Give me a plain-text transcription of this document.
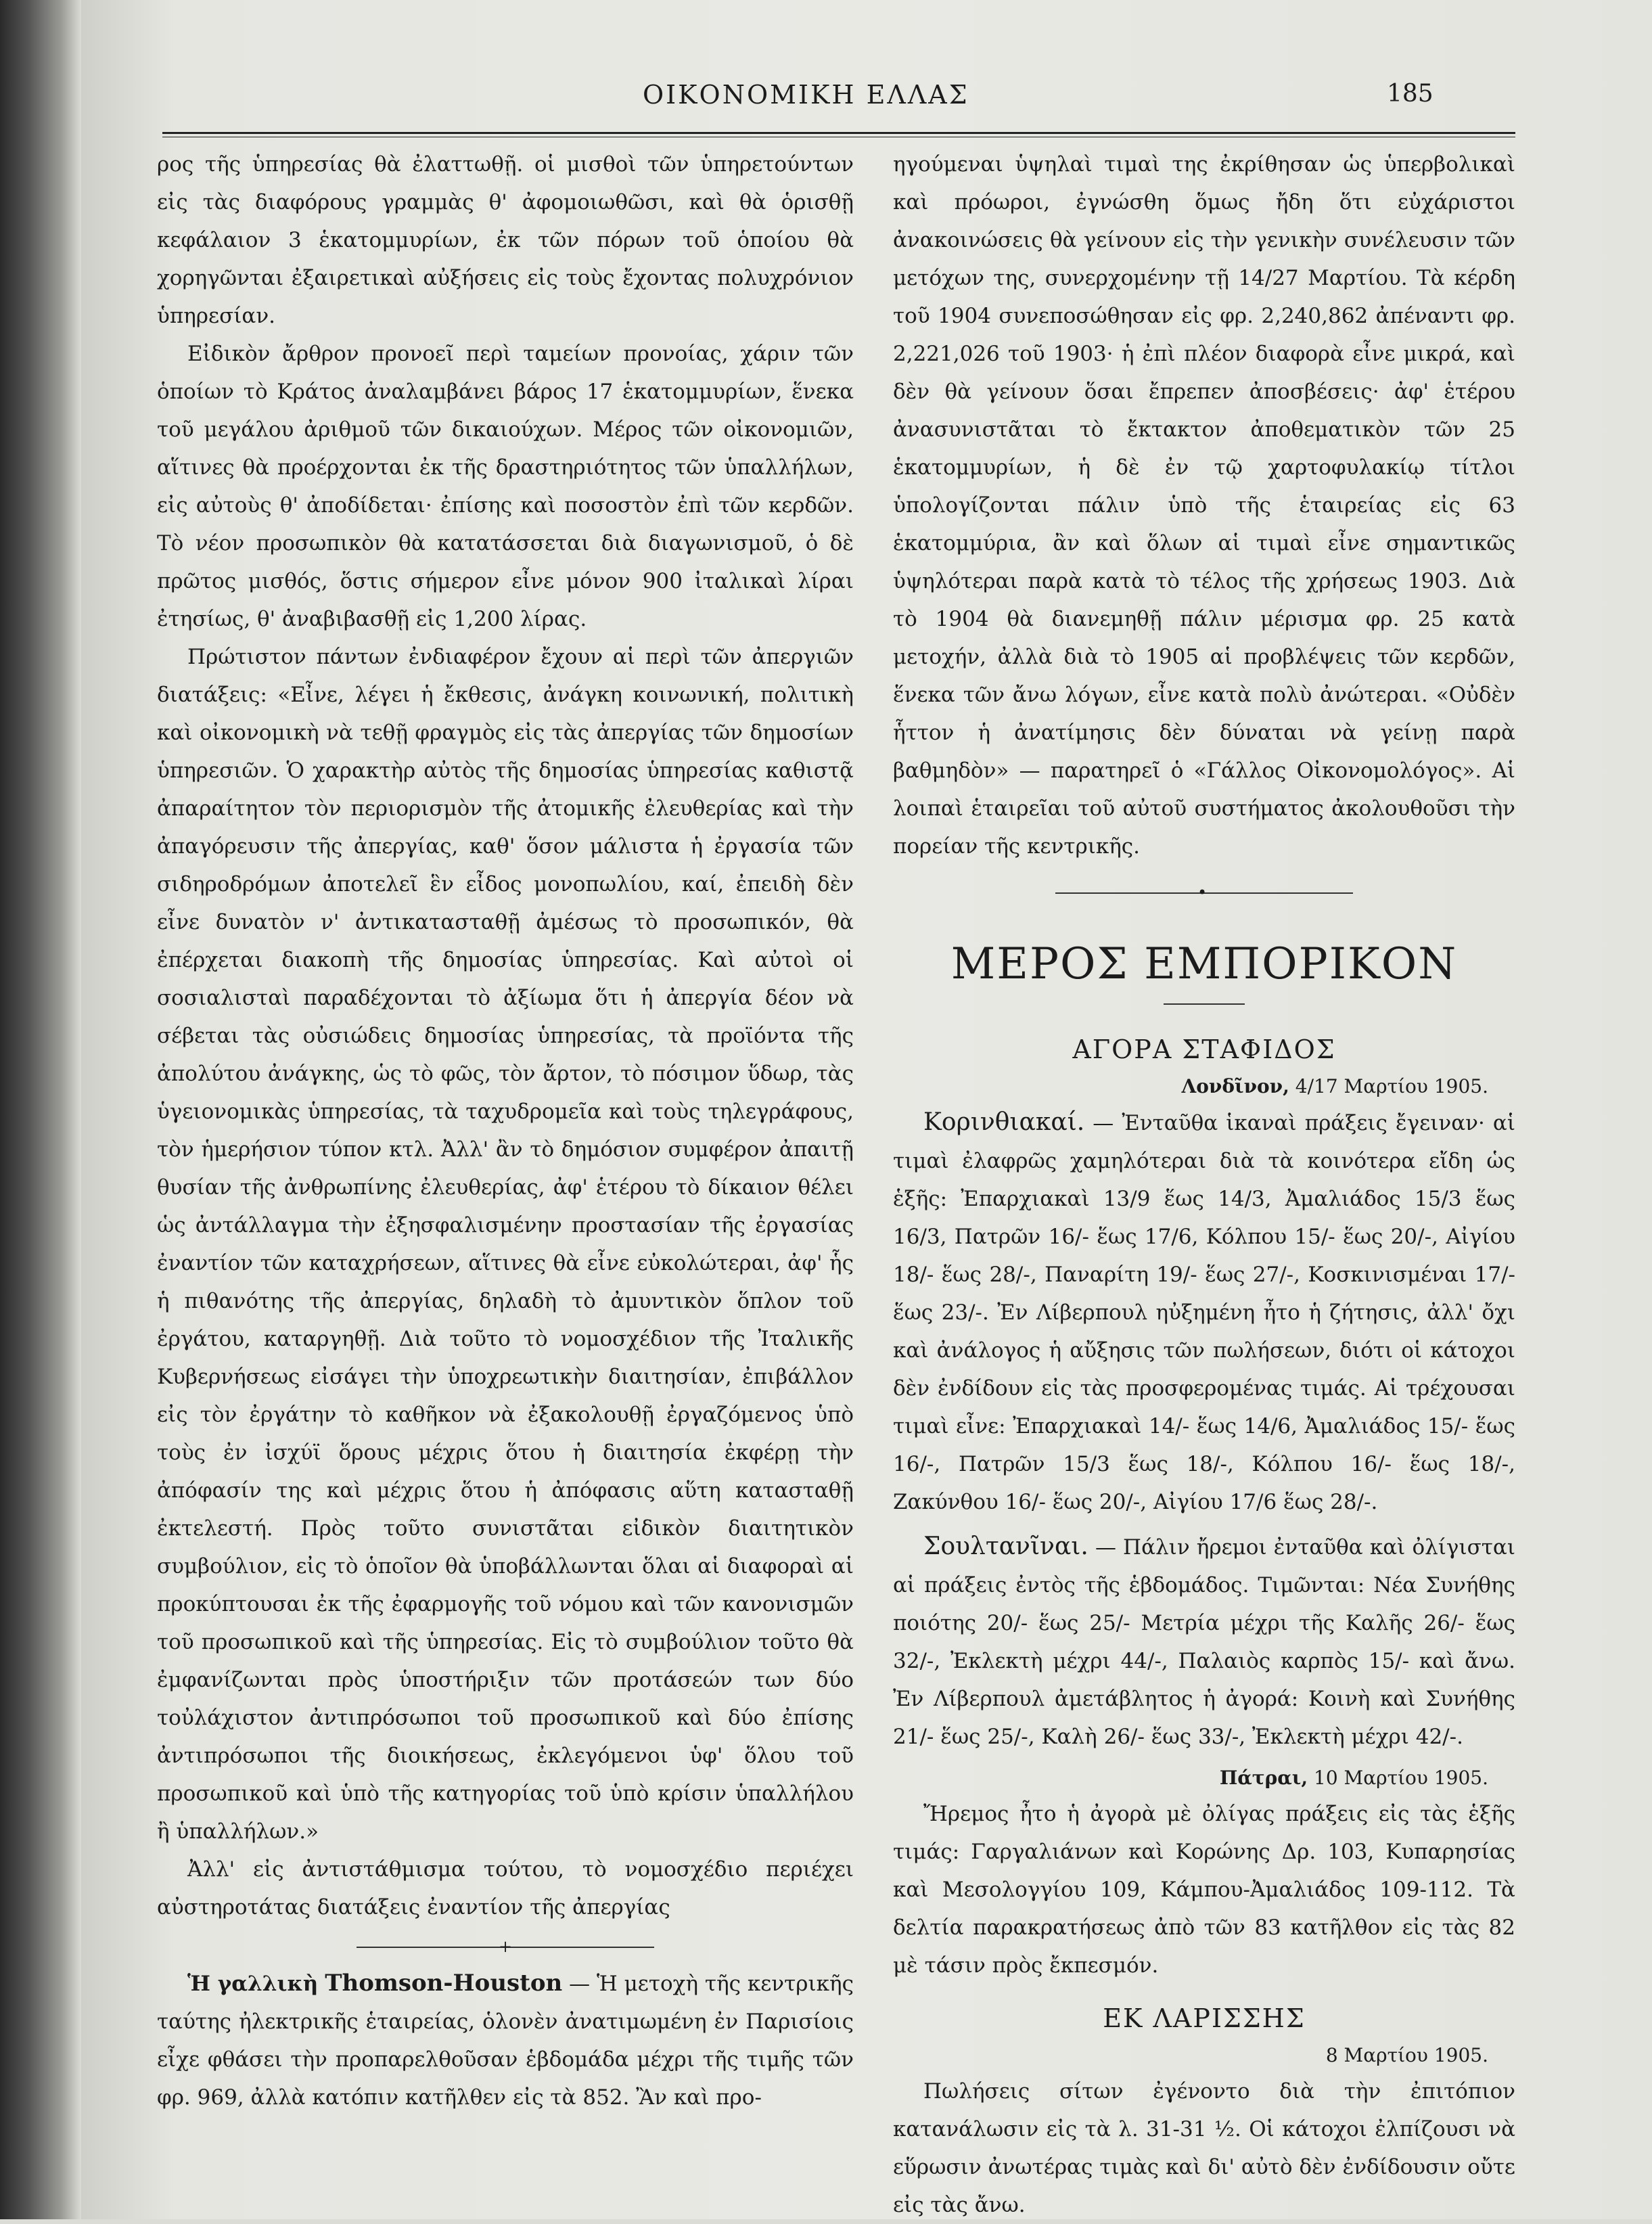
ΟΙΚΟΝΟΜΙΚΗ ΕΛΛΑΣ	185

ρος τῆς ὑπηρεσίας θὰ ἐλαττωθῇ. οἱ μισθοὶ τῶν ὑπηρετούντων εἰς τὰς διαφόρους γραμμὰς θ' ἀφομοιωθῶσι, καὶ θὰ ὁρισθῇ κεφάλαιον 3 ἑκατομμυρίων, ἐκ τῶν πόρων τοῦ ὁποίου θὰ χορηγῶνται ἐξαιρετικαὶ αὐξήσεις εἰς τοὺς ἔχοντας πολυχρόνιον ὑπηρεσίαν.

Εἰδικὸν ἄρθρον προνοεῖ περὶ ταμείων προνοίας, χάριν τῶν ὁποίων τὸ Κράτος ἀναλαμβάνει βάρος 17 ἑκατομμυρίων, ἕνεκα τοῦ μεγάλου ἀριθμοῦ τῶν δικαιούχων. Μέρος τῶν οἰκονομιῶν, αἵτινες θὰ προέρχονται ἐκ τῆς δραστηριότητος τῶν ὑπαλλήλων, εἰς αὐτοὺς θ' ἀποδίδεται· ἐπίσης καὶ ποσοστὸν ἐπὶ τῶν κερδῶν. Τὸ νέον προσωπικὸν θὰ κατατάσσεται διὰ διαγωνισμοῦ, ὁ δὲ πρῶτος μισθός, ὅστις σήμερον εἶνε μόνον 900 ἰταλικαὶ λίραι ἐτησίως, θ' ἀναβιβασθῇ εἰς 1,200 λίρας.

Πρώτιστον πάντων ἐνδιαφέρον ἔχουν αἱ περὶ τῶν ἀπεργιῶν διατάξεις: «Εἶνε, λέγει ἡ ἔκθεσις, ἀνάγκη κοινωνική, πολιτικὴ καὶ οἰκονομικὴ νὰ τεθῇ φραγμὸς εἰς τὰς ἀπεργίας τῶν δημοσίων ὑπηρεσιῶν. Ὁ χαρακτὴρ αὐτὸς τῆς δημοσίας ὑπηρεσίας καθιστᾷ ἀπαραίτητον τὸν περιορισμὸν τῆς ἀτομικῆς ἐλευθερίας καὶ τὴν ἀπαγόρευσιν τῆς ἀπεργίας, καθ' ὅσον μάλιστα ἡ ἐργασία τῶν σιδηροδρόμων ἀποτελεῖ ἓν εἶδος μονοπωλίου, καί, ἐπειδὴ δὲν εἶνε δυνατὸν ν' ἀντικατασταθῇ ἀμέσως τὸ προσωπικόν, θὰ ἐπέρχεται διακοπὴ τῆς δημοσίας ὑπηρεσίας. Καὶ αὐτοὶ οἱ σοσιαλισταὶ παραδέχονται τὸ ἀξίωμα ὅτι ἡ ἀπεργία δέον νὰ σέβεται τὰς οὐσιώδεις δημοσίας ὑπηρεσίας, τὰ προϊόντα τῆς ἀπολύτου ἀνάγκης, ὡς τὸ φῶς, τὸν ἄρτον, τὸ πόσιμον ὕδωρ, τὰς ὑγειονομικὰς ὑπηρεσίας, τὰ ταχυδρομεῖα καὶ τοὺς τηλεγράφους, τὸν ἡμερήσιον τύπον κτλ. Ἀλλ' ἂν τὸ δημόσιον συμφέρον ἀπαιτῇ θυσίαν τῆς ἀνθρωπίνης ἐλευθερίας, ἀφ' ἑτέρου τὸ δίκαιον θέλει ὡς ἀντάλλαγμα τὴν ἐξησφαλισμένην προστασίαν τῆς ἐργασίας ἐναντίον τῶν καταχρήσεων, αἵτινες θὰ εἶνε εὐκολώτεραι, ἀφ' ἧς ἡ πιθανότης τῆς ἀπεργίας, δηλαδὴ τὸ ἀμυντικὸν ὅπλον τοῦ ἐργάτου, καταργηθῇ. Διὰ τοῦτο τὸ νομοσχέδιον τῆς Ἰταλικῆς Κυβερνήσεως εἰσάγει τὴν ὑποχρεωτικὴν διαιτησίαν, ἐπιβάλλον εἰς τὸν ἐργάτην τὸ καθῆκον νὰ ἐξακολουθῇ ἐργαζόμενος ὑπὸ τοὺς ἐν ἰσχύϊ ὅρους μέχρις ὅτου ἡ διαιτησία ἐκφέρῃ τὴν ἀπόφασίν της καὶ μέχρις ὅτου ἡ ἀπόφασις αὕτη κατασταθῇ ἐκτελεστή. Πρὸς τοῦτο συνιστᾶται εἰδικὸν διαιτητικὸν συμβούλιον, εἰς τὸ ὁποῖον θὰ ὑποβάλλωνται ὅλαι αἱ διαφοραὶ αἱ προκύπτουσαι ἐκ τῆς ἐφαρμογῆς τοῦ νόμου καὶ τῶν κανονισμῶν τοῦ προσωπικοῦ καὶ τῆς ὑπηρεσίας. Εἰς τὸ συμβούλιον τοῦτο θὰ ἐμφανίζωνται πρὸς ὑποστήριξιν τῶν προτάσεών των δύο τοὐλάχιστον ἀντιπρόσωποι τοῦ προσωπικοῦ καὶ δύο ἐπίσης ἀντιπρόσωποι τῆς διοικήσεως, ἐκλεγόμενοι ὑφ' ὅλου τοῦ προσωπικοῦ καὶ ὑπὸ τῆς κατηγορίας τοῦ ὑπὸ κρίσιν ὑπαλλήλου ἢ ὑπαλλήλων.»

Ἀλλ' εἰς ἀντιστάθμισμα τούτου, τὸ νομοσχέδιο περιέχει αὐστηροτάτας διατάξεις ἐναντίον τῆς ἀπεργίας

+

Ἡ γαλλικὴ Thomson-Houston — Ἡ μετοχὴ τῆς κεντρικῆς ταύτης ἠλεκτρικῆς ἑταιρείας, ὁλονὲν ἀνατιμωμένη ἐν Παρισίοις εἶχε φθάσει τὴν προπαρελθοῦσαν ἑβδομάδα μέχρι τῆς τιμῆς τῶν φρ. 969, ἀλλὰ κατόπιν κατῆλθεν εἰς τὰ 852. Ἂν καὶ προ-

ηγούμεναι ὑψηλαὶ τιμαὶ της ἐκρίθησαν ὡς ὑπερβολικαὶ καὶ πρόωροι, ἐγνώσθη ὅμως ἤδη ὅτι εὐχάριστοι ἀνακοινώσεις θὰ γείνουν εἰς τὴν γενικὴν συνέλευσιν τῶν μετόχων της, συνερχομένην τῇ 14/27 Μαρτίου. Τὰ κέρδη τοῦ 1904 συνεποσώθησαν εἰς φρ. 2,240,862 ἀπέναντι φρ. 2,221,026 τοῦ 1903· ἡ ἐπὶ πλέον διαφορὰ εἶνε μικρά, καὶ δὲν θὰ γείνουν ὅσαι ἔπρεπεν ἀποσβέσεις· ἀφ' ἑτέρου ἀνασυνιστᾶται τὸ ἔκτακτον ἀποθεματικὸν τῶν 25 ἑκατομμυρίων, ἡ δὲ ἐν τῷ χαρτοφυλακίῳ τίτλοι ὑπολογίζονται πάλιν ὑπὸ τῆς ἑταιρείας εἰς 63 ἑκατομμύρια, ἂν καὶ ὅλων αἱ τιμαὶ εἶνε σημαντικῶς ὑψηλότεραι παρὰ κατὰ τὸ τέλος τῆς χρήσεως 1903. Διὰ τὸ 1904 θὰ διανεμηθῇ πάλιν μέρισμα φρ. 25 κατὰ μετοχήν, ἀλλὰ διὰ τὸ 1905 αἱ προβλέψεις τῶν κερδῶν, ἕνεκα τῶν ἄνω λόγων, εἶνε κατὰ πολὺ ἀνώτεραι. «Οὐδὲν ἧττον ἡ ἀνατίμησις δὲν δύναται νὰ γείνῃ παρὰ βαθμηδὸν» — παρατηρεῖ ὁ «Γάλλος Οἰκονομολόγος». Αἱ λοιπαὶ ἑταιρεῖαι τοῦ αὐτοῦ συστήματος ἀκολουθοῦσι τὴν πορείαν τῆς κεντρικῆς.

•
ΜΕΡΟΣ ΕΜΠΟΡΙΚΟΝ
ΑΓΟΡΑ ΣΤΑΦΙΔΟΣ
Λονδῖνον, 4/17 Μαρτίου 1905.

Κορινθιακαί. — Ἐνταῦθα ἱκαναὶ πράξεις ἔγειναν· αἱ τιμαὶ ἐλαφρῶς χαμηλότεραι διὰ τὰ κοινότερα εἴδη ὡς ἑξῆς: Ἐπαρχιακαὶ 13/9 ἕως 14/3, Ἀμαλιάδος 15/3 ἕως 16/3, Πατρῶν 16/- ἕως 17/6, Κόλπου 15/- ἕως 20/-, Αἰγίου 18/- ἕως 28/-, Παναρίτη 19/- ἕως 27/-, Κοσκινισμέναι 17/- ἕως 23/-. Ἐν Λίβερπουλ ηὐξημένη ἦτο ἡ ζήτησις, ἀλλ' ὄχι καὶ ἀνάλογος ἡ αὔξησις τῶν πωλήσεων, διότι οἱ κάτοχοι δὲν ἐνδίδουν εἰς τὰς προσφερομένας τιμάς. Αἱ τρέχουσαι τιμαὶ εἶνε: Ἐπαρχιακαὶ 14/- ἕως 14/6, Ἀμαλιάδος 15/- ἕως 16/-, Πατρῶν 15/3 ἕως 18/-, Κόλπου 16/- ἕως 18/-, Ζακύνθου 16/- ἕως 20/-, Αἰγίου 17/6 ἕως 28/-.

Σουλτανῖναι. — Πάλιν ἤρεμοι ἐνταῦθα καὶ ὀλίγισται αἱ πράξεις ἐντὸς τῆς ἑβδομάδος. Τιμῶνται: Νέα Συνήθης ποιότης 20/- ἕως 25/- Μετρία μέχρι τῆς Καλῆς 26/- ἕως 32/-, Ἐκλεκτὴ μέχρι 44/-, Παλαιὸς καρπὸς 15/- καὶ ἄνω. Ἐν Λίβερπουλ ἀμετάβλητος ἡ ἀγορά: Κοινὴ καὶ Συνήθης 21/- ἕως 25/-, Καλὴ 26/- ἕως 33/-, Ἐκλεκτὴ μέχρι 42/-.

Πάτραι, 10 Μαρτίου 1905.

Ἤρεμος ἦτο ἡ ἀγορὰ μὲ ὀλίγας πράξεις εἰς τὰς ἑξῆς τιμάς: Γαργαλιάνων καὶ Κορώνης Δρ. 103, Κυπαρησίας καὶ Μεσολογγίου 109, Κάμπου-Ἀμαλιάδος 109-112. Τὰ δελτία παρακρατήσεως ἀπὸ τῶν 83 κατῆλθον εἰς τὰς 82 μὲ τάσιν πρὸς ἔκπεσμόν.

ΕΚ ΛΑΡΙΣΣΗΣ
8 Μαρτίου 1905.

Πωλήσεις σίτων ἐγένοντο διὰ τὴν ἐπιτόπιον κατανάλωσιν εἰς τὰ λ. 31-31 ½. Οἱ κάτοχοι ἐλπίζουσι νὰ εὕρωσιν ἀνωτέρας τιμὰς καὶ δι' αὐτὸ δὲν ἐνδίδουσιν οὔτε εἰς τὰς ἄνω.
